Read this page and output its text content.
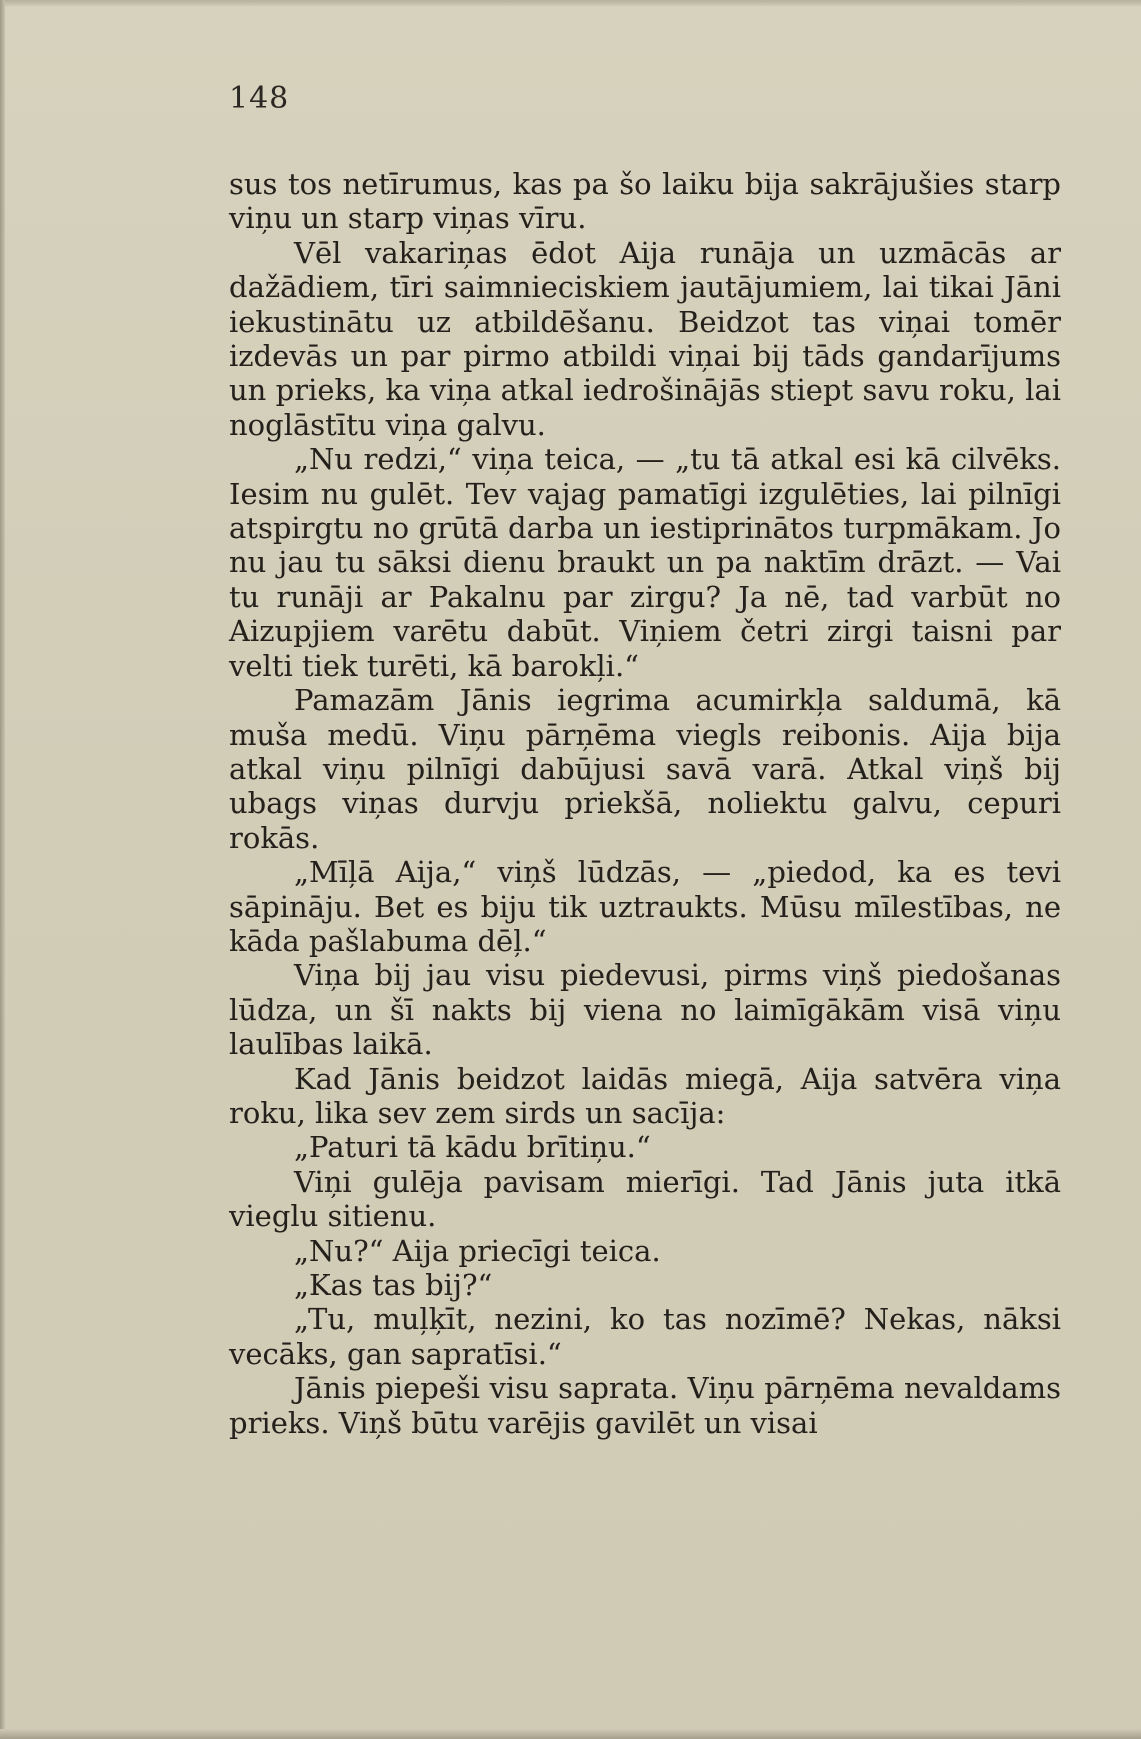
148

sus tos netīrumus, kas pa šo laiku bija sakrājušies starp viņu un starp viņas vīru.

Vēl vakariņas ēdot Aija runāja un uzmācās ar dažādiem, tīri saimnieciskiem jautājumiem, lai tikai Jāni iekustinātu uz atbildēšanu. Beidzot tas viņai tomēr izdevās un par pirmo atbildi viņai bij tāds gandarījums un prieks, ka viņa atkal iedrošinājās stiept savu roku, lai noglāstītu viņa galvu.

„Nu redzi,“ viņa teica, — „tu tā atkal esi kā cilvēks. Iesim nu gulēt. Tev vajag pamatīgi izgulēties, lai pilnīgi atspirgtu no grūtā darba un iestiprinātos turpmākam. Jo nu jau tu sāksi dienu braukt un pa naktīm drāzt. — Vai tu runāji ar Pakalnu par zirgu? Ja nē, tad varbūt no Aizupjiem varētu dabūt. Viņiem četri zirgi taisni par velti tiek turēti, kā barokļi.“

Pamazām Jānis iegrima acumirkļa saldumā, kā muša medū. Viņu pārņēma viegls reibonis. Aija bija atkal viņu pilnīgi dabūjusi savā varā. Atkal viņš bij ubags viņas durvju priekšā, noliektu galvu, cepuri rokās.

„Mīļā Aija,“ viņš lūdzās, — „piedod, ka es tevi sāpināju. Bet es biju tik uztraukts. Mūsu mīlestības, ne kāda pašlabuma dēļ.“

Viņa bij jau visu piedevusi, pirms viņš piedošanas lūdza, un šī nakts bij viena no laimīgākām visā viņu laulības laikā.

Kad Jānis beidzot laidās miegā, Aija satvēra viņa roku, lika sev zem sirds un sacīja:

„Paturi tā kādu brītiņu.“

Viņi gulēja pavisam mierīgi. Tad Jānis juta itkā vieglu sitienu.

„Nu?“ Aija priecīgi teica.

„Kas tas bij?“

„Tu, muļķīt, nezini, ko tas nozīmē? Nekas, nāksi vecāks, gan sapratīsi.“

Jānis piepeši visu saprata. Viņu pārņēma nevaldams prieks. Viņš būtu varējis gavilēt un visai
